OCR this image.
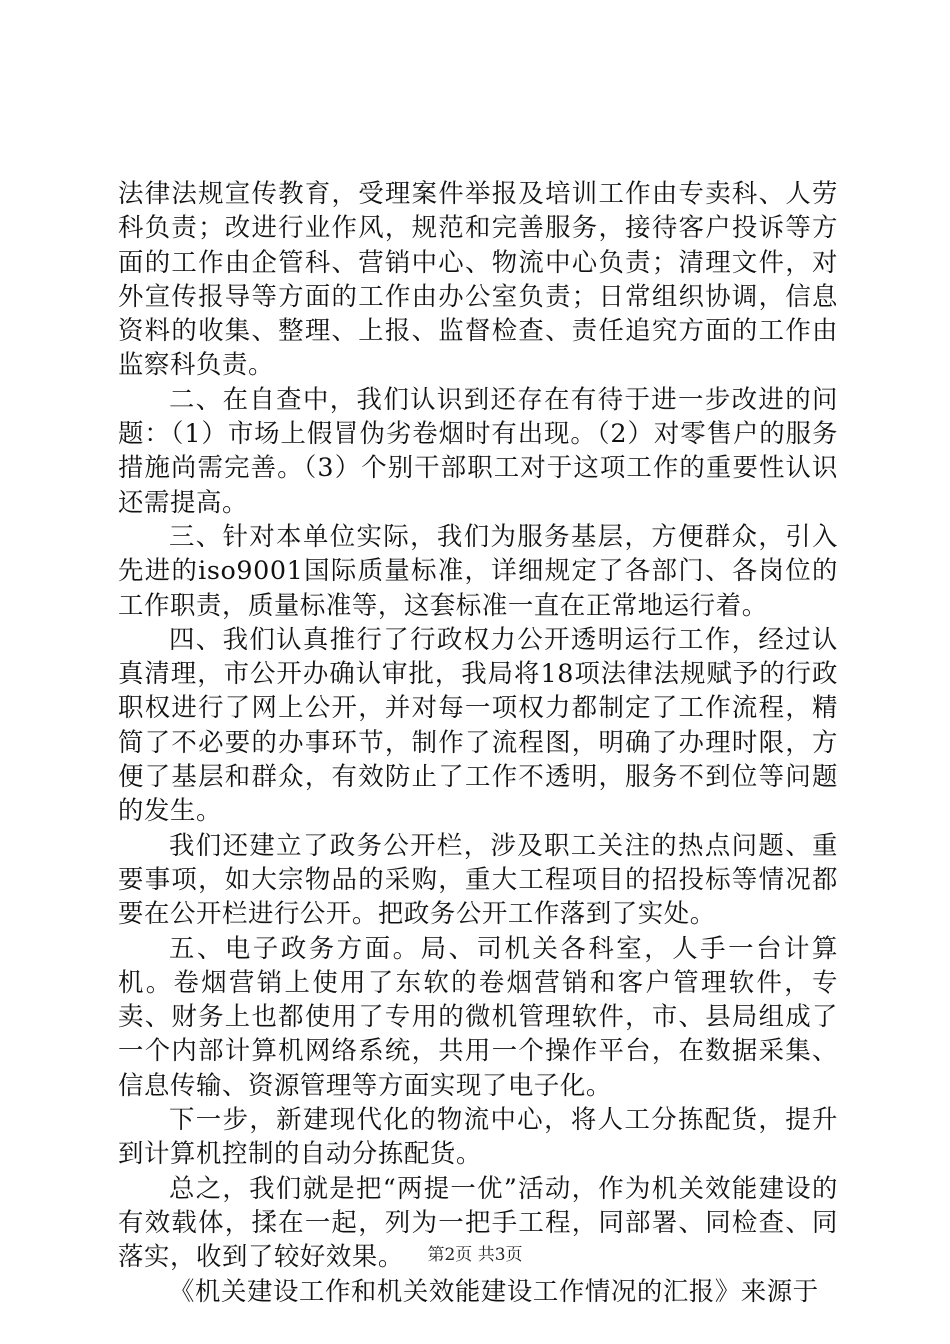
法律法规宣传教育，受理案件举报及培训工作由专卖科、人劳科负责；改进行业作风，规范和完善服务，接待客户投诉等方面的工作由企管科、营销中心、物流中心负责；清理文件，对外宣传报导等方面的工作由办公室负责；日常组织协调，信息资料的收集、整理、上报、监督检查、责任追究方面的工作由监察科负责。

二、在自查中，我们认识到还存在有待于进一步改进的问题：（1）市场上假冒伪劣卷烟时有出现。（2）对零售户的服务措施尚需完善。（3）个别干部职工对于这项工作的重要性认识还需提高。

三、针对本单位实际，我们为服务基层，方便群众，引入先进的iso9001国际质量标准，详细规定了各部门、各岗位的工作职责，质量标准等，这套标准一直在正常地运行着。

四、我们认真推行了行政权力公开透明运行工作，经过认真清理，市公开办确认审批，我局将18项法律法规赋予的行政职权进行了网上公开，并对每一项权力都制定了工作流程，精简了不必要的办事环节，制作了流程图，明确了办理时限，方便了基层和群众，有效防止了工作不透明，服务不到位等问题的发生。

我们还建立了政务公开栏，涉及职工关注的热点问题、重要事项，如大宗物品的采购，重大工程项目的招投标等情况都要在公开栏进行公开。把政务公开工作落到了实处。

五、电子政务方面。局、司机关各科室，人手一台计算机。卷烟营销上使用了东软的卷烟营销和客户管理软件，专卖、财务上也都使用了专用的微机管理软件，市、县局组成了一个内部计算机网络系统，共用一个操作平台，在数据采集、信息传输、资源管理等方面实现了电子化。

下一步，新建现代化的物流中心，将人工分拣配货，提升到计算机控制的自动分拣配货。

总之，我们就是把“两提一优”活动，作为机关效能建设的有效载体，揉在一起，列为一把手工程，同部署、同检查、同落实，收到了较好效果。

《机关建设工作和机关效能建设工作情况的汇报》来源于

第2页 共3页
